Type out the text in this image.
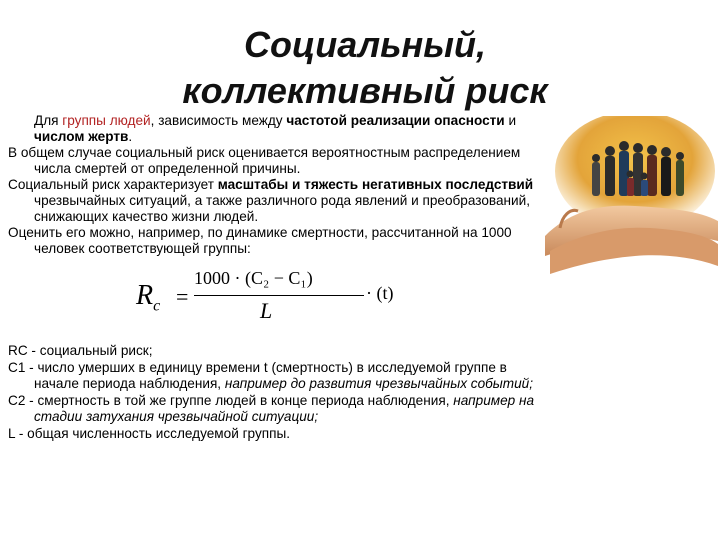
Социальный,
коллективный риск

Для группы людей, зависимость между частотой реализации опасности и числом жертв.

В общем случае социальный риск оценивается вероятностным распределением числа смертей от определенной причины.

Социальный риск характеризует масштабы и тяжесть негативных последствий чрезвычайных ситуаций, а также различного рода явлений и преобразований, снижающих качество жизни людей.

Оценить его можно, например, по динамике смертности, рассчитанной на 1000 человек соответствующей группы:

$R_c$ =
1000 · (C₂ − C₁)
L
· (t)

RC - социальный риск;

C1 - число умерших в единицу времени t (смертность) в исследуемой группе в начале периода наблюдения, например до развития чрезвычайных событий;

C2 - смертность в той же группе людей в конце периода наблюдения, например на стадии затухания чрезвычайной ситуации;

L - общая численность исследуемой группы.
